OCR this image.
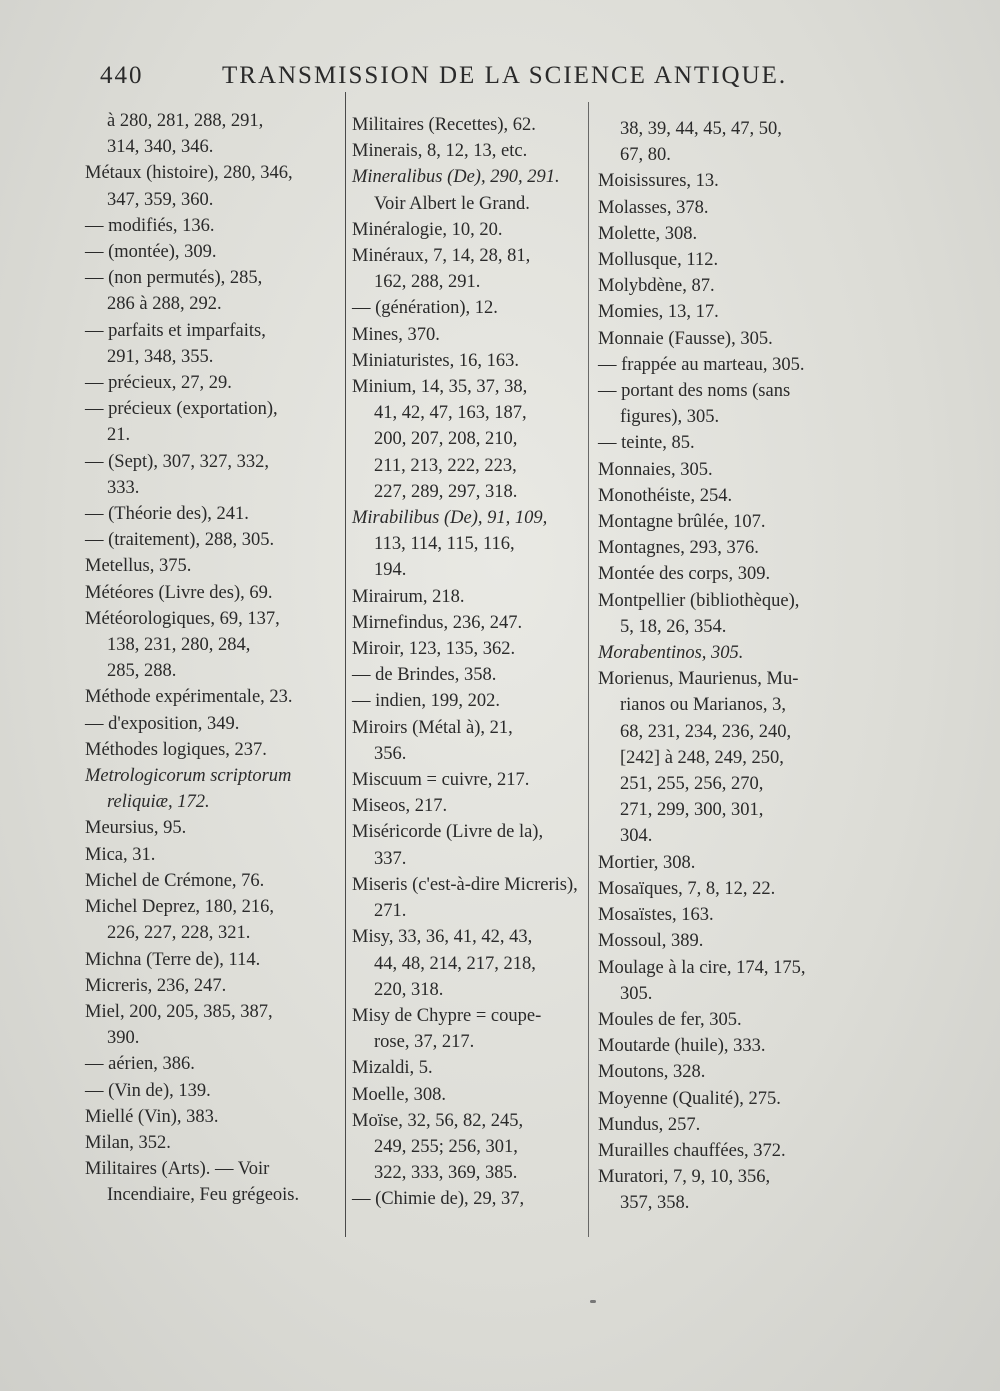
440	TRANSMISSION DE LA SCIENCE ANTIQUE.

à 280, 281, 288, 291,

314, 340, 346.

Métaux (histoire), 280, 346,

347, 359, 360.

— modifiés, 136.

— (montée), 309.

— (non permutés), 285,

286 à 288, 292.

— parfaits et imparfaits,

291, 348, 355.

— précieux, 27, 29.

— précieux (exportation),

21.

— (Sept), 307, 327, 332,

333.

— (Théorie des), 241.

— (traitement), 288, 305.

Metellus, 375.

Météores (Livre des), 69.

Météorologiques, 69, 137,

138, 231, 280, 284,

285, 288.

Méthode expérimentale, 23.

— d'exposition, 349.

Méthodes logiques, 237.

Metrologicorum scriptorum

reliquiæ, 172.

Meursius, 95.

Mica, 31.

Michel de Crémone, 76.

Michel Deprez, 180, 216,

226, 227, 228, 321.

Michna (Terre de), 114.

Micreris, 236, 247.

Miel, 200, 205, 385, 387,

390.

— aérien, 386.

— (Vin de), 139.

Miellé (Vin), 383.

Milan, 352.

Militaires (Arts). — Voir

Incendiaire, Feu grégeois.

Militaires (Recettes), 62.

Minerais, 8, 12, 13, etc.

Mineralibus (De), 290, 291.

Voir Albert le Grand.

Minéralogie, 10, 20.

Minéraux, 7, 14, 28, 81,

162, 288, 291.

— (génération), 12.

Mines, 370.

Miniaturistes, 16, 163.

Minium, 14, 35, 37, 38,

41, 42, 47, 163, 187,

200, 207, 208, 210,

211, 213, 222, 223,

227, 289, 297, 318.

Mirabilibus (De), 91, 109,

113, 114, 115, 116,

194.

Mirairum, 218.

Mirnefindus, 236, 247.

Miroir, 123, 135, 362.

— de Brindes, 358.

— indien, 199, 202.

Miroirs (Métal à), 21,

356.

Miscuum = cuivre, 217.

Miseos, 217.

Miséricorde (Livre de la),

337.

Miseris (c'est-à-dire Micreris),

271.

Misy, 33, 36, 41, 42, 43,

44, 48, 214, 217, 218,

220, 318.

Misy de Chypre = coupe-

rose, 37, 217.

Mizaldi, 5.

Moelle, 308.

Moïse, 32, 56, 82, 245,

249, 255; 256, 301,

322, 333, 369, 385.

— (Chimie de), 29, 37,

38, 39, 44, 45, 47, 50,

67, 80.

Moisissures, 13.

Molasses, 378.

Molette, 308.

Mollusque, 112.

Molybdène, 87.

Momies, 13, 17.

Monnaie (Fausse), 305.

— frappée au marteau, 305.

— portant des noms (sans

figures), 305.

— teinte, 85.

Monnaies, 305.

Monothéiste, 254.

Montagne brûlée, 107.

Montagnes, 293, 376.

Montée des corps, 309.

Montpellier (bibliothèque),

5, 18, 26, 354.

Morabentinos, 305.

Morienus, Maurienus, Mu-

rianos ou Marianos, 3,

68, 231, 234, 236, 240,

[242] à 248, 249, 250,

251, 255, 256, 270,

271, 299, 300, 301,

304.

Mortier, 308.

Mosaïques, 7, 8, 12, 22.

Mosaïstes, 163.

Mossoul, 389.

Moulage à la cire, 174, 175,

305.

Moules de fer, 305.

Moutarde (huile), 333.

Moutons, 328.

Moyenne (Qualité), 275.

Mundus, 257.

Murailles chauffées, 372.

Muratori, 7, 9, 10, 356,

357, 358.
